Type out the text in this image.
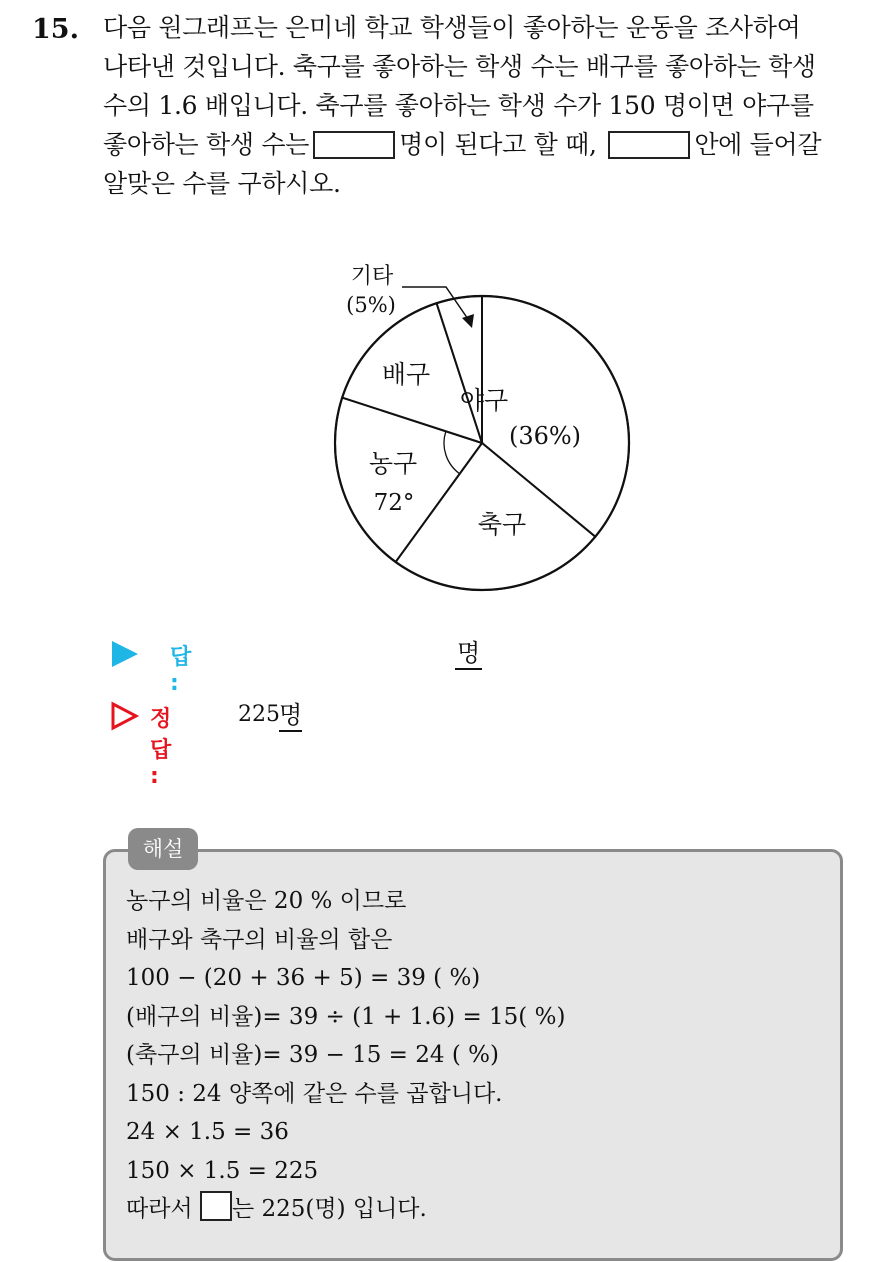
15. 다음 원그래프는 은미네 학교 학생들이 좋아하는 운동을 조사하여
나타낸 것입니다. 축구를 좋아하는 학생 수는 배구를 좋아하는 학생
수의 1.6 배입니다. 축구를 좋아하는 학생 수가 150 명이면 야구를
좋아하는 학생 수는	명이 된다고 할 때,	안에 들어갈
알맞은 수를 구하시오.
야구
(36%)
축구
농구
72°
배구
기타
(5%)
답 :
명
정답 :
225 명
해설
농구의 비율은 20 % 이므로
배구와 축구의 비율의 합은
100 − (20 + 36 + 5) = 39 ( %)
(배구의 비율)= 39 ÷ (1 + 1.6) = 15( %)
(축구의 비율)= 39 − 15 = 24 ( %)
150 : 24 양쪽에 같은 수를 곱합니다.
24 × 1.5 = 36
150 × 1.5 = 225
따라서 는 225(명) 입니다.
